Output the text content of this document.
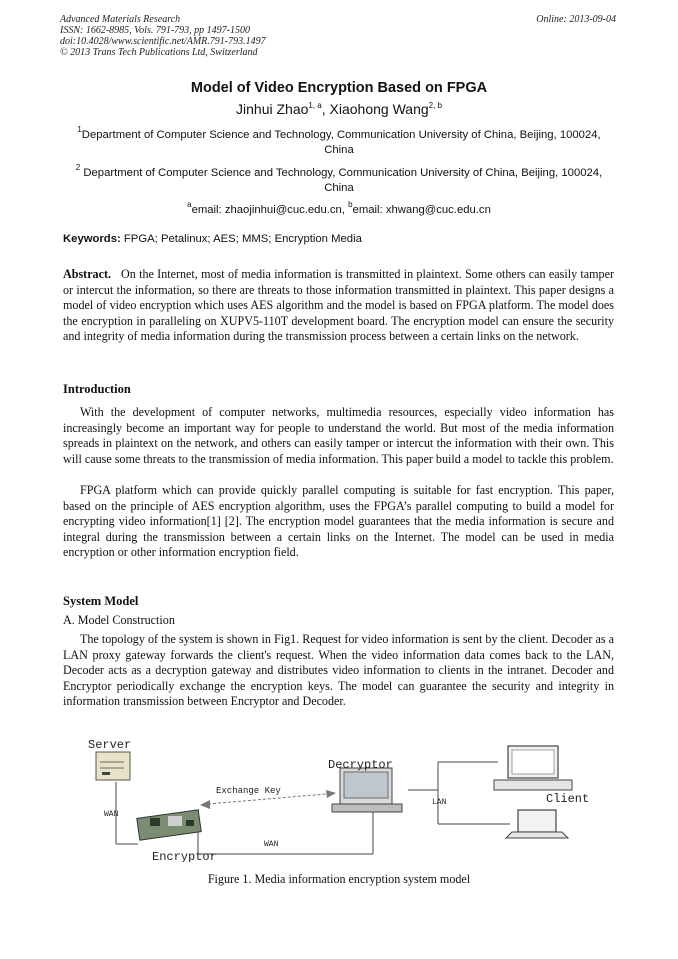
Advanced Materials Research
ISSN: 1662-8985, Vols. 791-793, pp 1497-1500
doi:10.4028/www.scientific.net/AMR.791-793.1497
© 2013 Trans Tech Publications Ltd, Switzerland
Online: 2013-09-04
Model of Video Encryption Based on FPGA
Jinhui Zhao$^{1, a}$, Xiaohong Wang$^{2, b}$
$^1$Department of Computer Science and Technology, Communication University of China, Beijing, 100024, China
$^2$ Department of Computer Science and Technology, Communication University of China, Beijing, 100024, China
$^a$email: zhaojinhui@cuc.edu.cn, $^b$email: xhwang@cuc.edu.cn
Keywords: FPGA; Petalinux; AES; MMS; Encryption Media
Abstract. On the Internet, most of media information is transmitted in plaintext. Some others can easily tamper or intercut the information, so there are threats to those information transmitted in plaintext. This paper designs a model of video encryption which uses AES algorithm and the model is based on FPGA platform. The model does the encryption in paralleling on XUPV5-110T development board. The encryption model can ensure the security and integrity of media information during the transmission process between a certain links on the network.
Introduction
With the development of computer networks, multimedia resources, especially video information has increasingly become an important way for people to understand the world. But most of the media information spreads in plaintext on the network, and others can easily tamper or intercut the information with their own. This will cause some threats to the transmission of media information. This paper build a model to tackle this problem.
FPGA platform which can provide quickly parallel computing is suitable for fast encryption. This paper, based on the principle of AES encryption algorithm, uses the FPGA’s parallel computing to build a model for encrypting video information[1] [2]. The encryption model guarantees that the media information is secure and integral during the transmission between a certain links on the Internet. The model can be used in media encryption or other information encryption field.
System Model
A. Model Construction
The topology of the system is shown in Fig1. Request for video information is sent by the client. Decoder as a LAN proxy gateway forwards the client's request. When the video information data comes back to the LAN, Decoder acts as a decryption gateway and distributes video information to clients in the intranet. Decoder and Encryptor periodically exchange the encryption keys. The model can guarantee the security and integrity in information transmission between Encryptor and Decoder.
Server
Decryptor
Client
Exchange Key
LAN
WAN
WAN
Encryptor
Figure 1. Media information encryption system model
